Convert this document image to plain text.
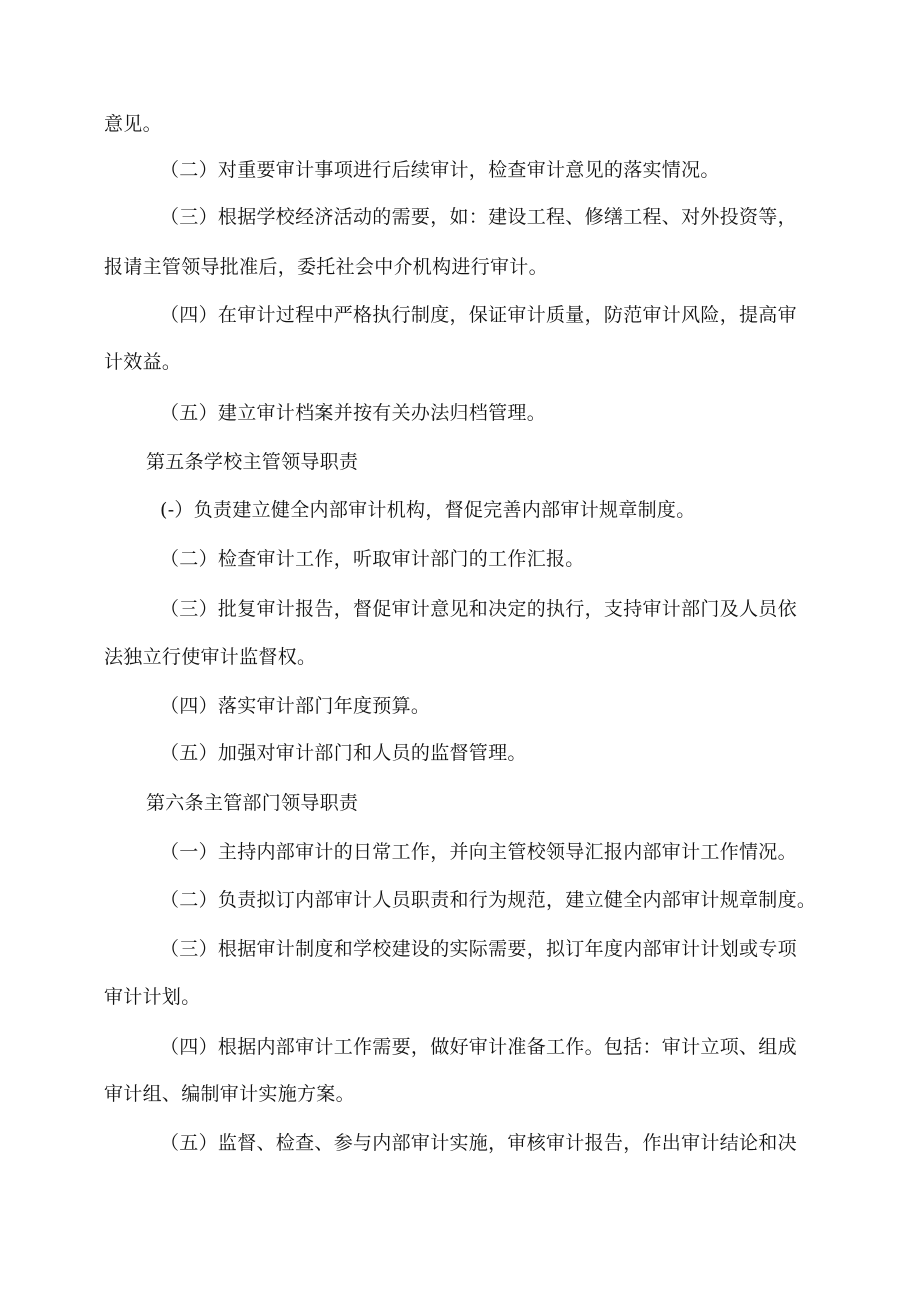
意见。
（二）对重要审计事项进行后续审计，检查审计意见的落实情况。
（三）根据学校经济活动的需要，如：建设工程、修缮工程、对外投资等，
报请主管领导批准后，委托社会中介机构进行审计。
（四）在审计过程中严格执行制度，保证审计质量，防范审计风险，提高审
计效益。
（五）建立审计档案并按有关办法归档管理。
第五条学校主管领导职责
(-）负责建立健全内部审计机构，督促完善内部审计规章制度。
（二）检查审计工作，听取审计部门的工作汇报。
（三）批复审计报告，督促审计意见和决定的执行，支持审计部门及人员依
法独立行使审计监督权。
（四）落实审计部门年度预算。
（五）加强对审计部门和人员的监督管理。
第六条主管部门领导职责
（一）主持内部审计的日常工作，并向主管校领导汇报内部审计工作情况。
（二）负责拟订内部审计人员职责和行为规范，建立健全内部审计规章制度。
（三）根据审计制度和学校建设的实际需要，拟订年度内部审计计划或专项
审计计划。
（四）根据内部审计工作需要，做好审计准备工作。包括：审计立项、组成
审计组、编制审计实施方案。
（五）监督、检查、参与内部审计实施，审核审计报告，作出审计结论和决
